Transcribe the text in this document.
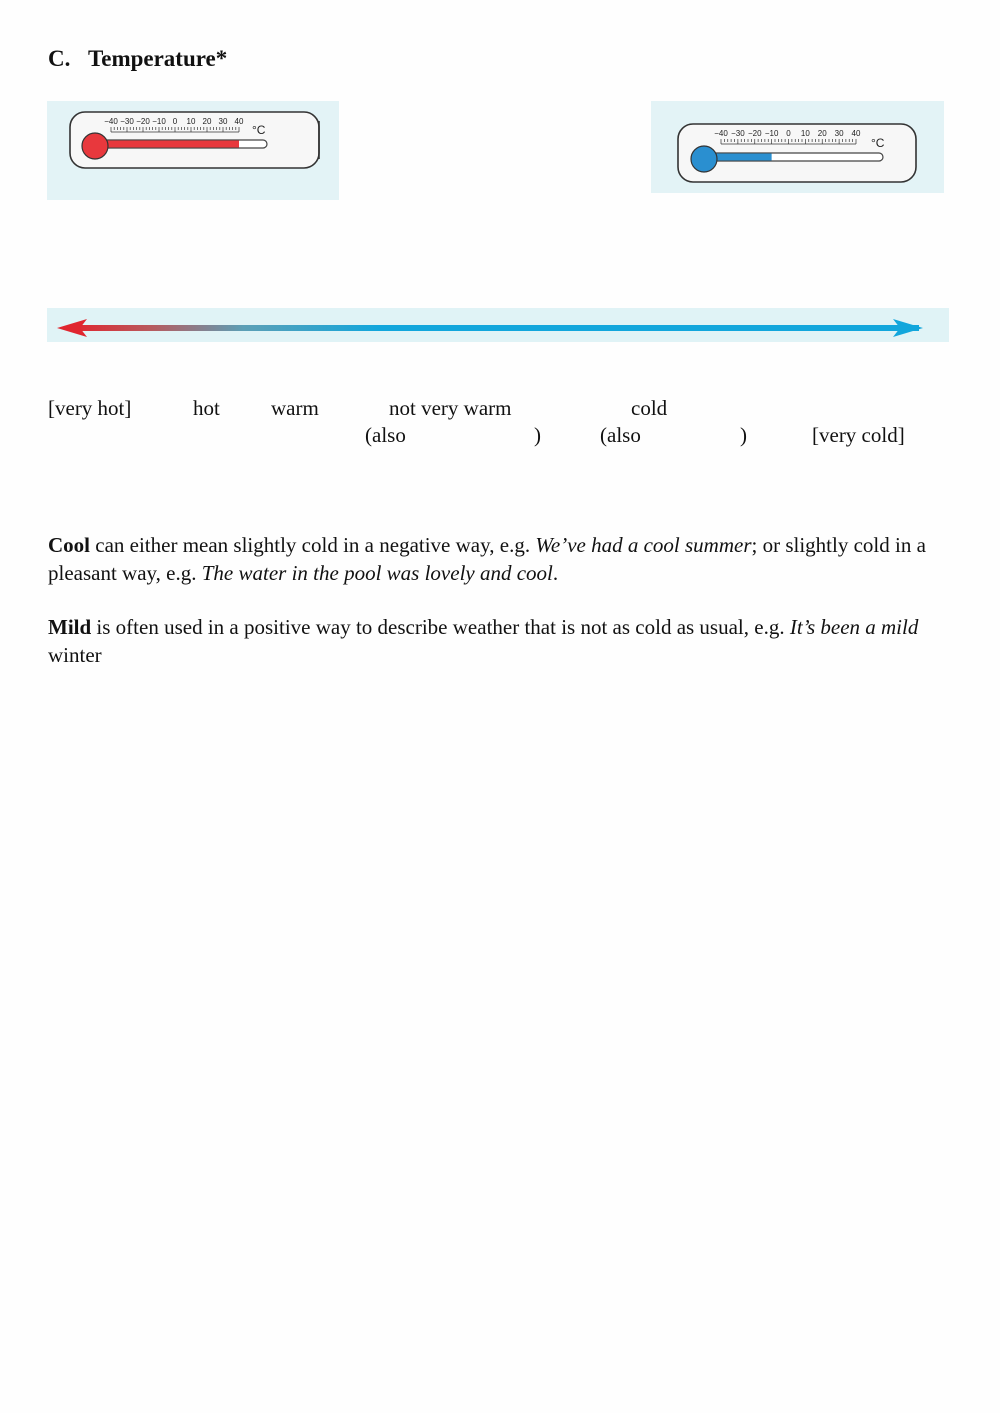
C. Temperature*
−40 −30 −20 −10 0 10 20 30 40
°C	−40 −30 −20 −10 0 10 20 30 40
°C
[very hot]	hot warm	not very warm	cold
(also	)	(also	)	[very cold]

Cool can either mean slightly cold in a negative way, e.g. We’ve had a cool summer; or slightly cold in a pleasant way, e.g. The water in the pool was lovely and cool.

Mild is often used in a positive way to describe weather that is not as cold as usual, e.g. It’s been a mild winter
